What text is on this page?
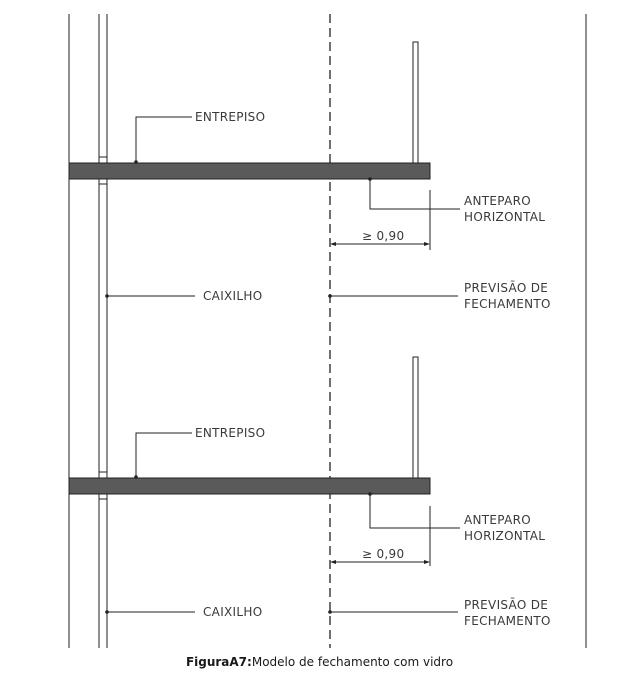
ENTREPISO
ANTEPARO
HORIZONTAL
≥ 0,90
CAIXILHO
PREVISÃO DE
FECHAMENTO
ENTREPISO
ANTEPARO
HORIZONTAL
≥ 0,90
CAIXILHO	PREVISÃO DE
FECHAMENTO
FiguraA7:Modelo de fechamento com vidro
